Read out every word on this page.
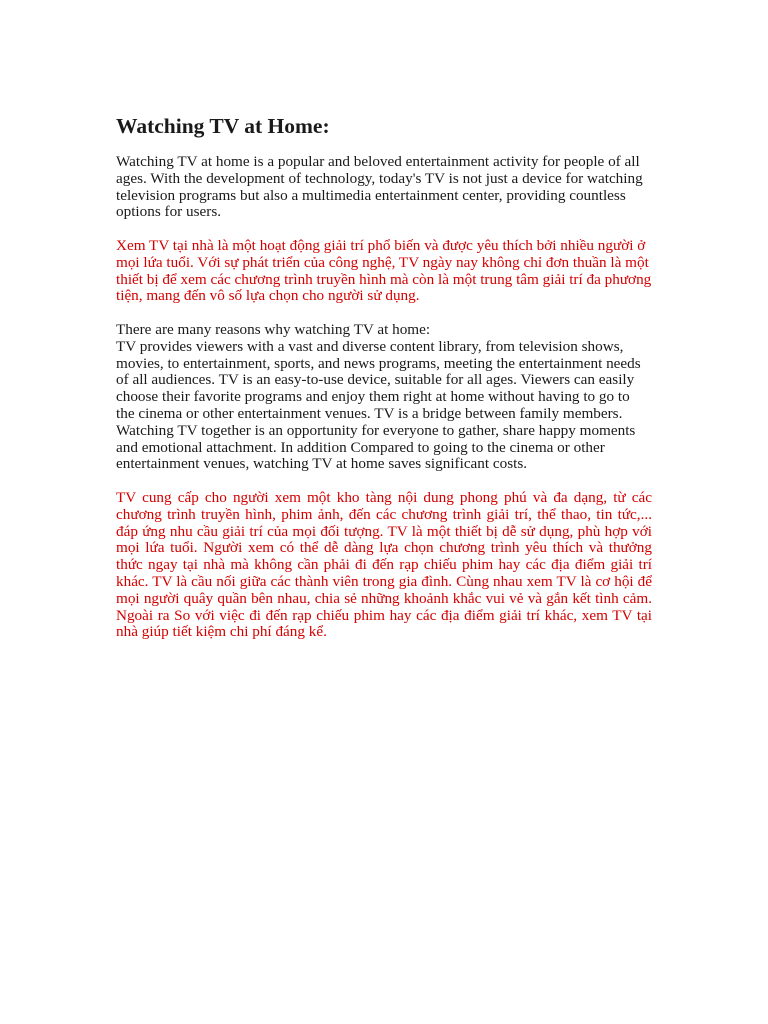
Watching TV at Home:

Watching TV at home is a popular and beloved entertainment activity for people of all ages. With the development of technology, today's TV is not just a device for watching television programs but also a multimedia entertainment center, providing countless options for users.

Xem TV tại nhà là một hoạt động giải trí phổ biến và được yêu thích bởi nhiều người ở mọi lứa tuổi. Với sự phát triển của công nghệ, TV ngày nay không chỉ đơn thuần là một thiết bị để xem các chương trình truyền hình mà còn là một trung tâm giải trí đa phương tiện, mang đến vô số lựa chọn cho người sử dụng.

There are many reasons why watching TV at home:

TV provides viewers with a vast and diverse content library, from television shows, movies, to entertainment, sports, and news programs, meeting the entertainment needs of all audiences. TV is an easy-to-use device, suitable for all ages. Viewers can easily choose their favorite programs and enjoy them right at home without having to go to the cinema or other entertainment venues. TV is a bridge between family members. Watching TV together is an opportunity for everyone to gather, share happy moments and emotional attachment. In addition Compared to going to the cinema or other entertainment venues, watching TV at home saves significant costs.

TV cung cấp cho người xem một kho tàng nội dung phong phú và đa dạng, từ các chương trình truyền hình, phim ảnh, đến các chương trình giải trí, thể thao, tin tức,... đáp ứng nhu cầu giải trí của mọi đối tượng. TV là một thiết bị dễ sử dụng, phù hợp với mọi lứa tuổi. Người xem có thể dễ dàng lựa chọn chương trình yêu thích và thưởng thức ngay tại nhà mà không cần phải đi đến rạp chiếu phim hay các địa điểm giải trí khác. TV là cầu nối giữa các thành viên trong gia đình. Cùng nhau xem TV là cơ hội để mọi người quây quần bên nhau, chia sẻ những khoảnh khắc vui vẻ và gắn kết tình cảm. Ngoài ra So với việc đi đến rạp chiếu phim hay các địa điểm giải trí khác, xem TV tại nhà giúp tiết kiệm chi phí đáng kể.
